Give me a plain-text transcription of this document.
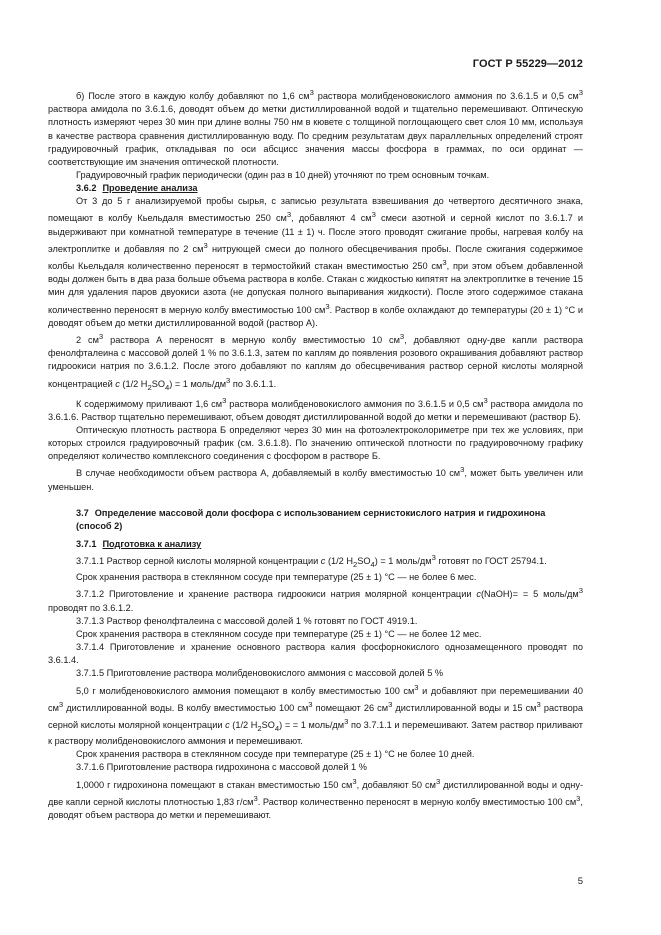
ГОСТ Р 55229—2012

б) После этого в каждую колбу добавляют по 1,6 $см^3$ раствора молибденовокислого аммония по 3.6.1.5 и 0,5 $см^3$ раствора амидола по 3.6.1.6, доводят объем до метки дистиллированной водой и тщательно перемешивают. Оптическую плотность измеряют через 30 мин при длине волны 750 нм в кювете с толщиной поглощающего свет слоя 10 мм, используя в качестве раствора сравнения дистиллированную воду. По средним результатам двух параллельных определений строят градуировочный график, откладывая по оси абсцисс значения массы фосфора в граммах, по оси ординат — соответствующие им значения оптической плотности.

Градуировочный график периодически (один раз в 10 дней) уточняют по трем основным точкам.

3.6.2 Проведение анализа

От 3 до 5 г анализируемой пробы сырья, с записью результата взвешивания до четвертого десятичного знака, помещают в колбу Кьельдаля вместимостью 250 $см^3$, добавляют 4 $см^3$ смеси азотной и серной кислот по 3.6.1.7 и выдерживают при комнатной температуре в течение (11 ± 1) ч. После этого проводят сжигание пробы, нагревая колбу на электроплитке и добавляя по 2 $см^3$ нитрующей смеси до полного обесцвечивания пробы. После сжигания содержимое колбы Кьельдаля количественно переносят в термостойкий стакан вместимостью 250 $см^3$, при этом объем добавленной воды должен быть в два раза больше объема раствора в колбе. Стакан с жидкостью кипятят на электроплитке в течение 15 мин для удаления паров двуокиси азота (не допуская полного выпаривания жидкости). После этого содержимое стакана количественно переносят в мерную колбу вместимостью 100 $см^3$. Раствор в колбе охлаждают до температуры (20 ± 1) °С и доводят объем до метки дистиллированной водой (раствор А).

2 $см^3$ раствора А переносят в мерную колбу вместимостью 10 $см^3$, добавляют одну-две капли раствора фенолфталеина с массовой долей 1 % по 3.6.1.3, затем по каплям до появления розового окрашивания добавляют раствор гидроокиси натрия по 3.6.1.2. После этого добавляют по каплям до обесцвечивания раствор серной кислоты молярной концентрацией с (1/2 $H_2SO_4) = 1$ моль/$дм^3$ по 3.6.1.1.

К содержимому приливают 1,6 $см^3$ раствора молибденовокислого аммония по 3.6.1.5 и 0,5 $см^3$ раствора амидола по 3.6.1.6. Раствор тщательно перемешивают, объем доводят дистиллированной водой до метки и перемешивают (раствор Б).

Оптическую плотность раствора Б определяют через 30 мин на фотоэлектроколориметре при тех же условиях, при которых строился градуировочный график (см. 3.6.1.8). По значению оптической плотности по градуировочному графику определяют количество комплексного соединения с фосфором в растворе Б.

В случае необходимости объем раствора А, добавляемый в колбу вместимостью 10 $см^3$, может быть увеличен или уменьшен.

3.7 Определение массовой доли фосфора с использованием сернистокислого натрия и гидрохинона (способ 2)

3.7.1 Подготовка к анализу

3.7.1.1 Раствор серной кислоты молярной концентрации с (1/2 $H_2SO_4) = 1$ моль/$дм^3$ готовят по ГОСТ 25794.1.

Срок хранения раствора в стеклянном сосуде при температуре (25 ± 1) °С — не более 6 мес.

3.7.1.2 Приготовление и хранение раствора гидроокиси натрия молярной концентрации с(NaOH)= = 5 моль/$дм^3$ проводят по 3.6.1.2.

3.7.1.3 Раствор фенолфталеина с массовой долей 1 % готовят по ГОСТ 4919.1.

Срок хранения раствора в стеклянном сосуде при температуре (25 ± 1) °С — не более 12 мес.

3.7.1.4 Приготовление и хранение основного раствора калия фосфорнокислого однозамещенного проводят по 3.6.1.4.

3.7.1.5 Приготовление раствора молибденовокислого аммония с массовой долей 5 %

5,0 г молибденовокислого аммония помещают в колбу вместимостью 100 $см^3$ и добавляют при перемешивании 40 $см^3$ дистиллированной воды. В колбу вместимостью 100 $см^3$ помещают 26 $см^3$ дистиллированной воды и 15 $см^3$ раствора серной кислоты молярной концентрации с (1/2 $H_2SO_4$) = = 1 моль/$дм^3$ по 3.7.1.1 и перемешивают. Затем раствор приливают к раствору молибденовокислого аммония и перемешивают.

Срок хранения раствора в стеклянном сосуде при температуре (25 ± 1) °С не более 10 дней.

3.7.1.6 Приготовление раствора гидрохинона с массовой долей 1 %

1,0000 г гидрохинона помещают в стакан вместимостью 150 $см^3$, добавляют 50 $см^3$ дистиллированной воды и одну-две капли серной кислоты плотностью 1,83 $г/см^3$. Раствор количественно переносят в мерную колбу вместимостью 100 $см^3$, доводят объем раствора до метки и перемешивают.

5
